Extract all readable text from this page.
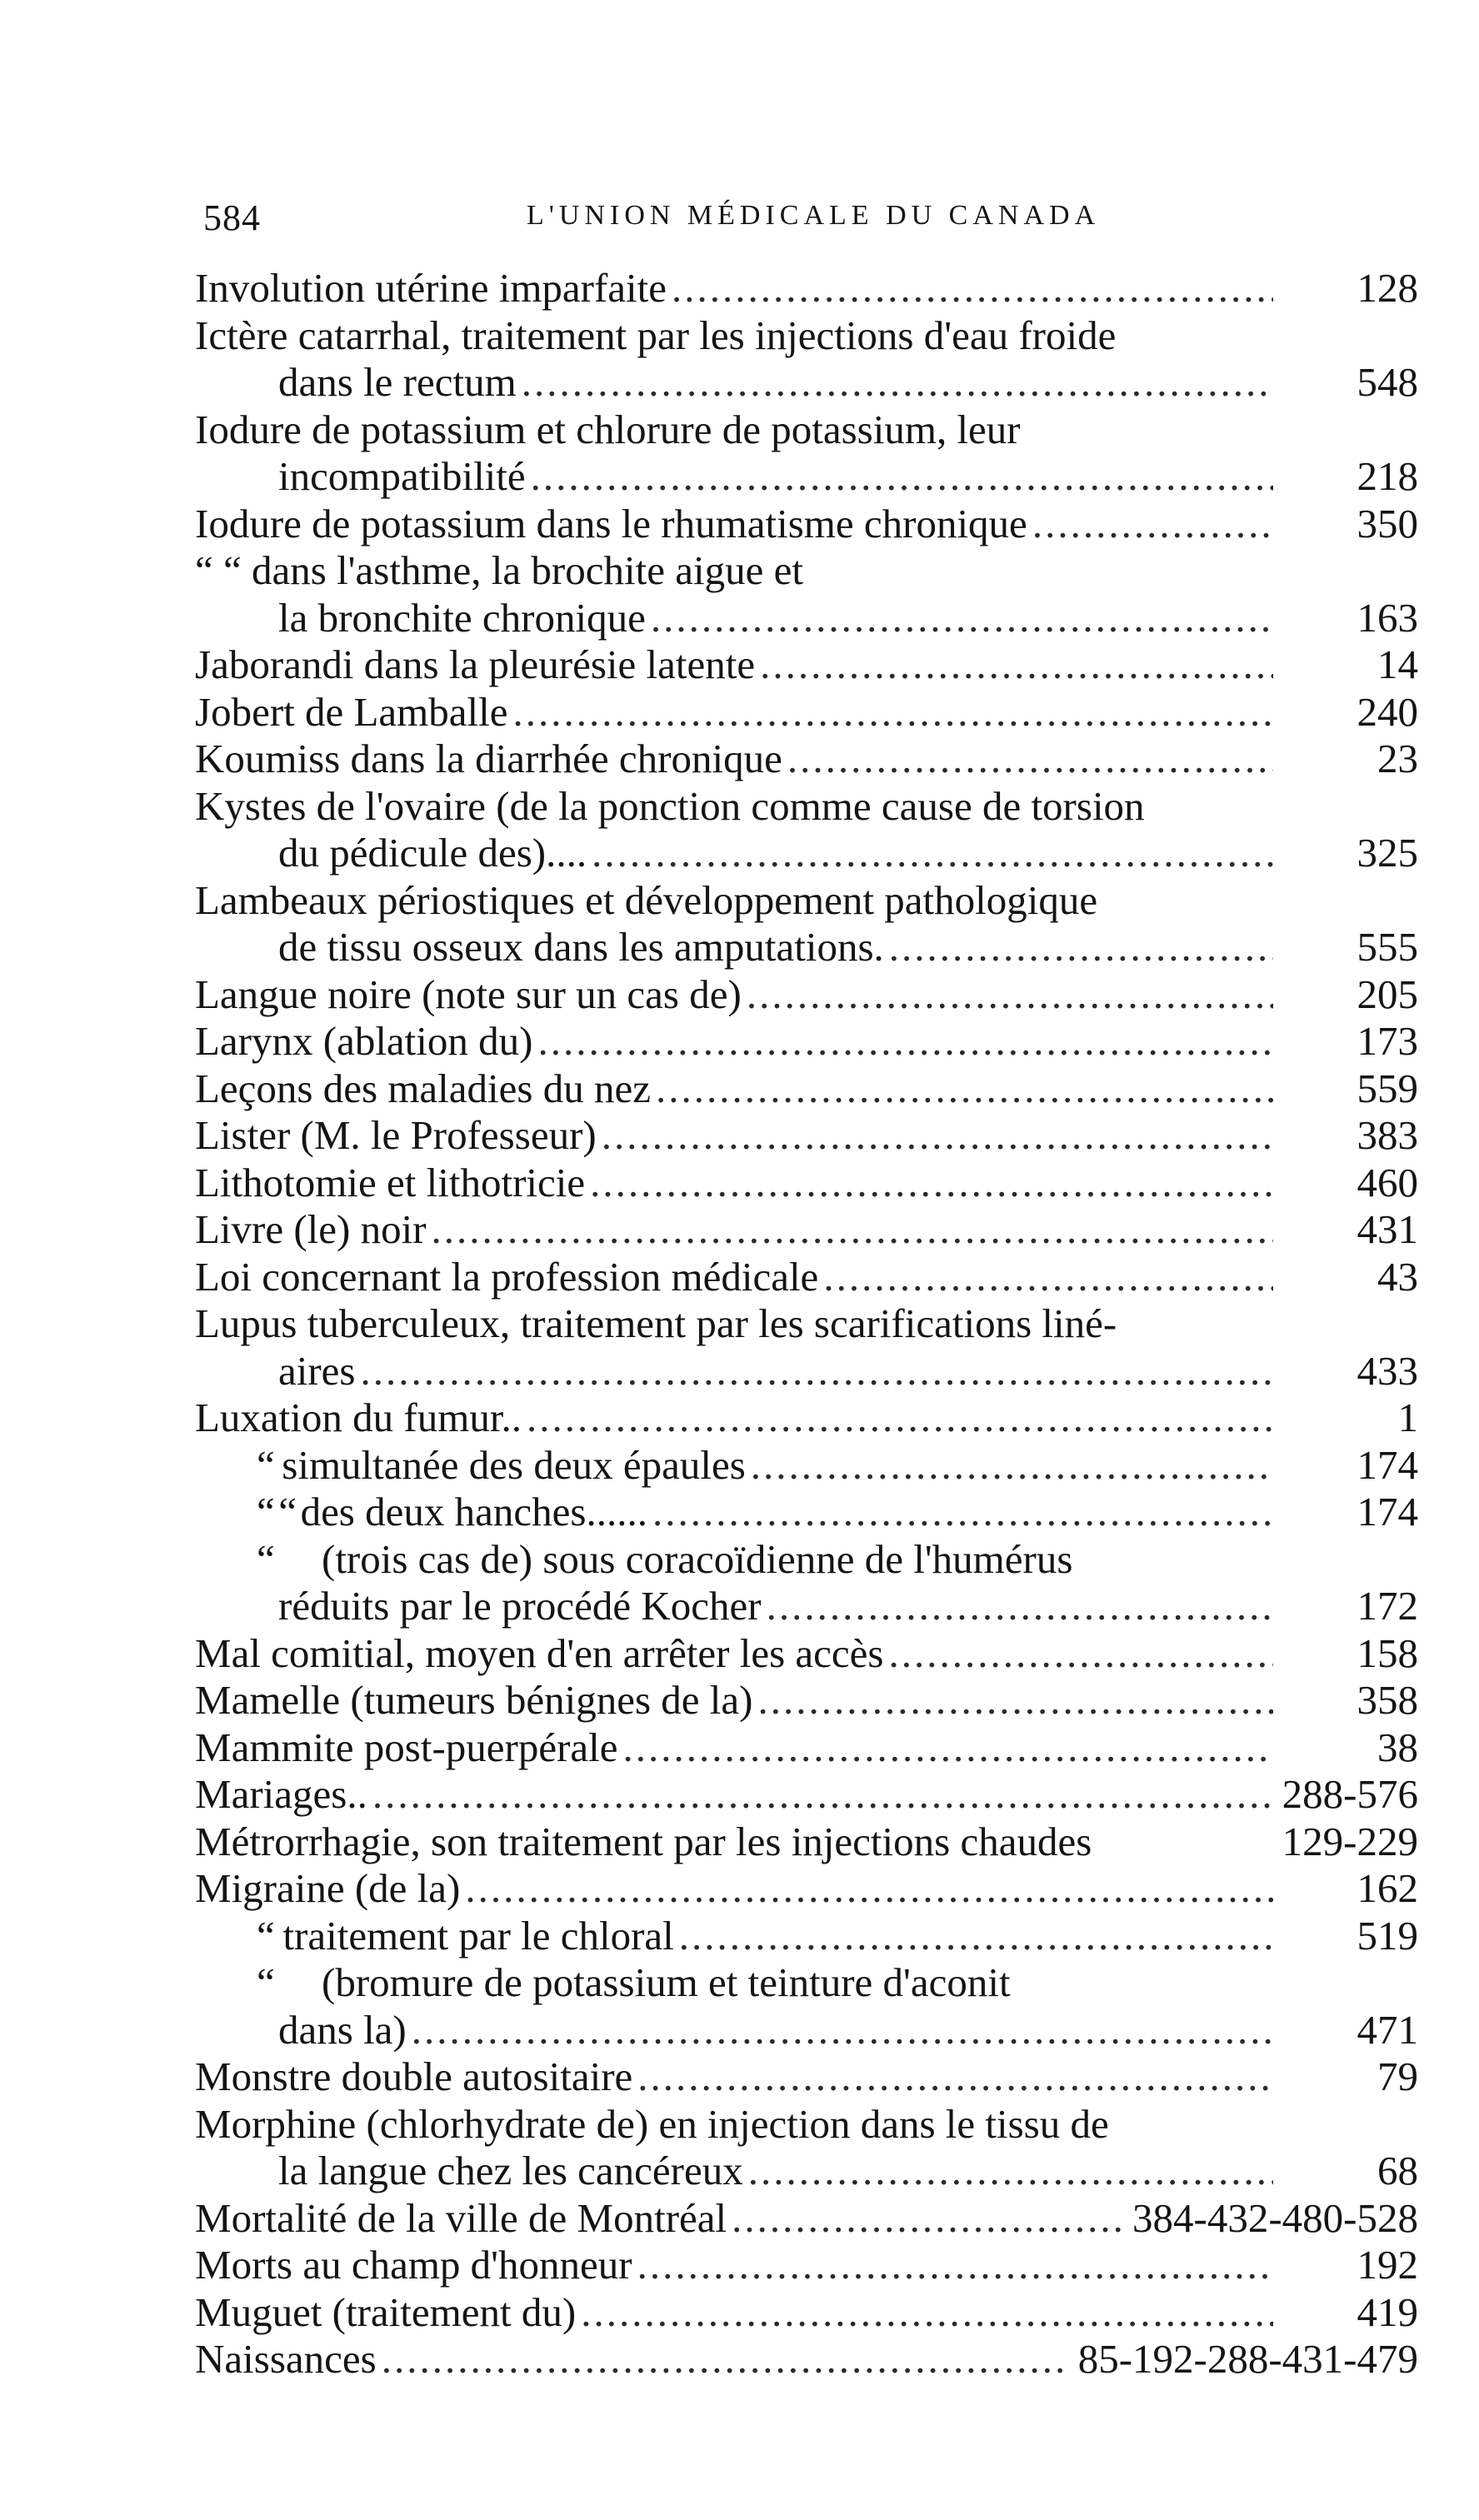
584	L'UNION MÉDICALE DU CANADA
Involution utérine imparfaite .....	128
Ictère catarrhal, traitement par les injections d'eau froide
dans le rectum .....	548
Iodure de potassium et chlorure de potassium, leur
incompatibilité .....	218
Iodure de potassium dans le rhumatisme chronique .....	350
“ “ dans l'asthme, la brochite aigue et
la bronchite chronique .....	163
Jaborandi dans la pleurésie latente .....	14
Jobert de Lamballe .....	240
Koumiss dans la diarrhée chronique .....	23
Kystes de l'ovaire (de la ponction comme cause de torsion
du pédicule des).... .....	325
Lambeaux périostiques et développement pathologique
de tissu osseux dans les amputations. .....	555
Langue noire (note sur un cas de) .....	205
Larynx (ablation du) .....	173
Leçons des maladies du nez .....	559
Lister (M. le Professeur) .....	383
Lithotomie et lithotricie .....	460
Livre (le) noir .....	431
Loi concernant la profession médicale .....	43
Lupus tuberculeux, traitement par les scarifications liné-
aires .....	433
Luxation du fumur.. .....	1
“ simultanée des deux épaules .....	174
“ “ des deux hanches...... .....	174
“	(trois cas de) sous coracoïdienne de l'humérus
réduits par le procédé Kocher .....	172
Mal comitial, moyen d'en arrêter les accès .....	158
Mamelle (tumeurs bénignes de la) .....	358
Mammite post-puerpérale .....	38
Mariages.. .....	288-576
Métrorrhagie, son traitement par les injections chaudes	129-229
Migraine (de la) .....	162
“ traitement par le chloral .....	519
“	(bromure de potassium et teinture d'aconit
dans la) .....	471
Monstre double autositaire .....	79
Morphine (chlorhydrate de) en injection dans le tissu de
la langue chez les cancéreux .....	68
Mortalité de la ville de Montréal .....	384-432-480-528
Morts au champ d'honneur .....	192
Muguet (traitement du) .....	419
Naissances .....	85-192-288-431-479
